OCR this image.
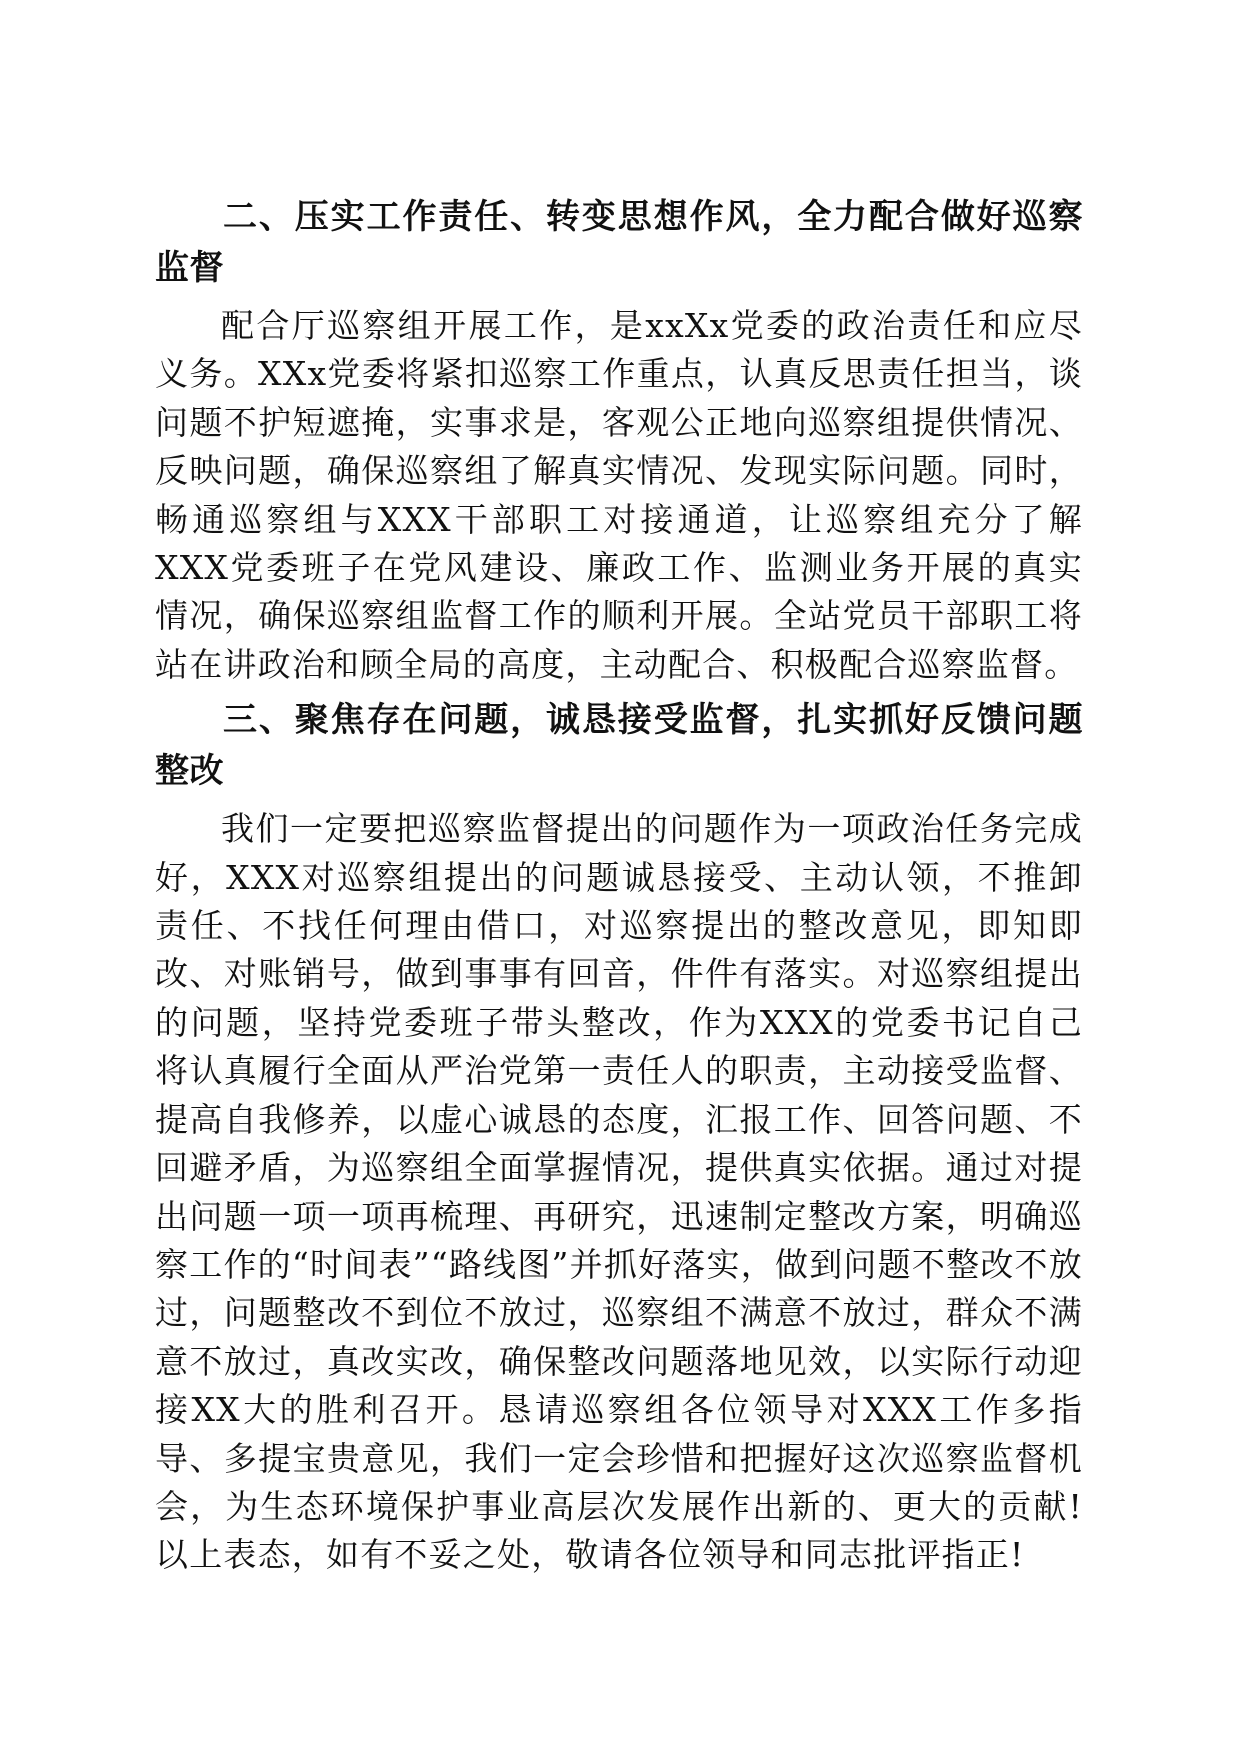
二、压实工作责任、转变思想作风，全力配合做好巡察监督

配合厅巡察组开展工作，是xxXx党委的政治责任和应尽义务。XXx党委将紧扣巡察工作重点，认真反思责任担当，谈问题不护短遮掩，实事求是，客观公正地向巡察组提供情况、反映问题，确保巡察组了解真实情况、发现实际问题。同时，畅通巡察组与XXX干部职工对接通道，让巡察组充分了解XXX党委班子在党风建设、廉政工作、监测业务开展的真实情况，确保巡察组监督工作的顺利开展。全站党员干部职工将站在讲政治和顾全局的高度，主动配合、积极配合巡察监督。

三、聚焦存在问题，诚恳接受监督，扎实抓好反馈问题整改

我们一定要把巡察监督提出的问题作为一项政治任务完成好，XXX对巡察组提出的问题诚恳接受、主动认领，不推卸责任、不找任何理由借口，对巡察提出的整改意见，即知即改、对账销号，做到事事有回音，件件有落实。对巡察组提出的问题，坚持党委班子带头整改，作为XXX的党委书记自己将认真履行全面从严治党第一责任人的职责，主动接受监督、提高自我修养，以虚心诚恳的态度，汇报工作、回答问题、不回避矛盾，为巡察组全面掌握情况，提供真实依据。通过对提出问题一项一项再梳理、再研究，迅速制定整改方案，明确巡察工作的“时间表”“路线图”并抓好落实，做到问题不整改不放过，问题整改不到位不放过，巡察组不满意不放过，群众不满意不放过，真改实改，确保整改问题落地见效，以实际行动迎接XX大的胜利召开。恳请巡察组各位领导对XXX工作多指导、多提宝贵意见，我们一定会珍惜和把握好这次巡察监督机会，为生态环境保护事业高层次发展作出新的、更大的贡献!以上表态，如有不妥之处，敬请各位领导和同志批评指正!
